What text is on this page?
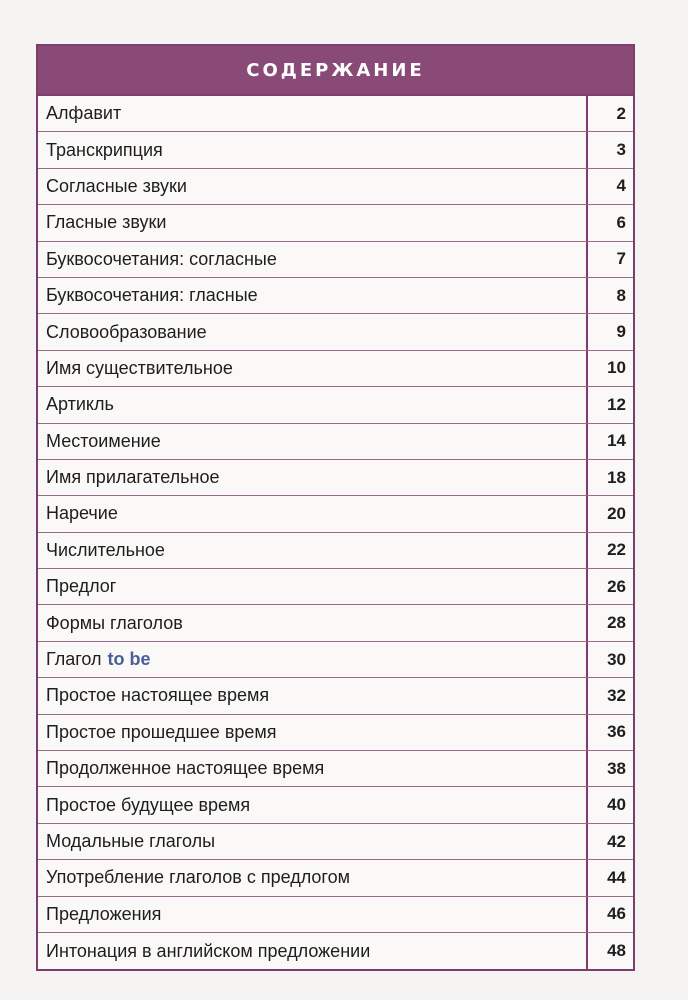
СОДЕРЖАНИЕ
Алфавит	2
Транскрипция	3
Согласные звуки	4
Гласные звуки	6
Буквосочетания: согласные	7
Буквосочетания: гласные	8
Словообразование	9
Имя существительное	10
Артикль	12
Местоимение	14
Имя прилагательное	18
Наречие	20
Числительное	22
Предлог	26
Формы глаголов	28
Глагол to be	30
Простое настоящее время	32
Простое прошедшее время	36
Продолженное настоящее время	38
Простое будущее время	40
Модальные глаголы	42
Употребление глаголов с предлогом	44
Предложения	46
Интонация в английском предложении	48
